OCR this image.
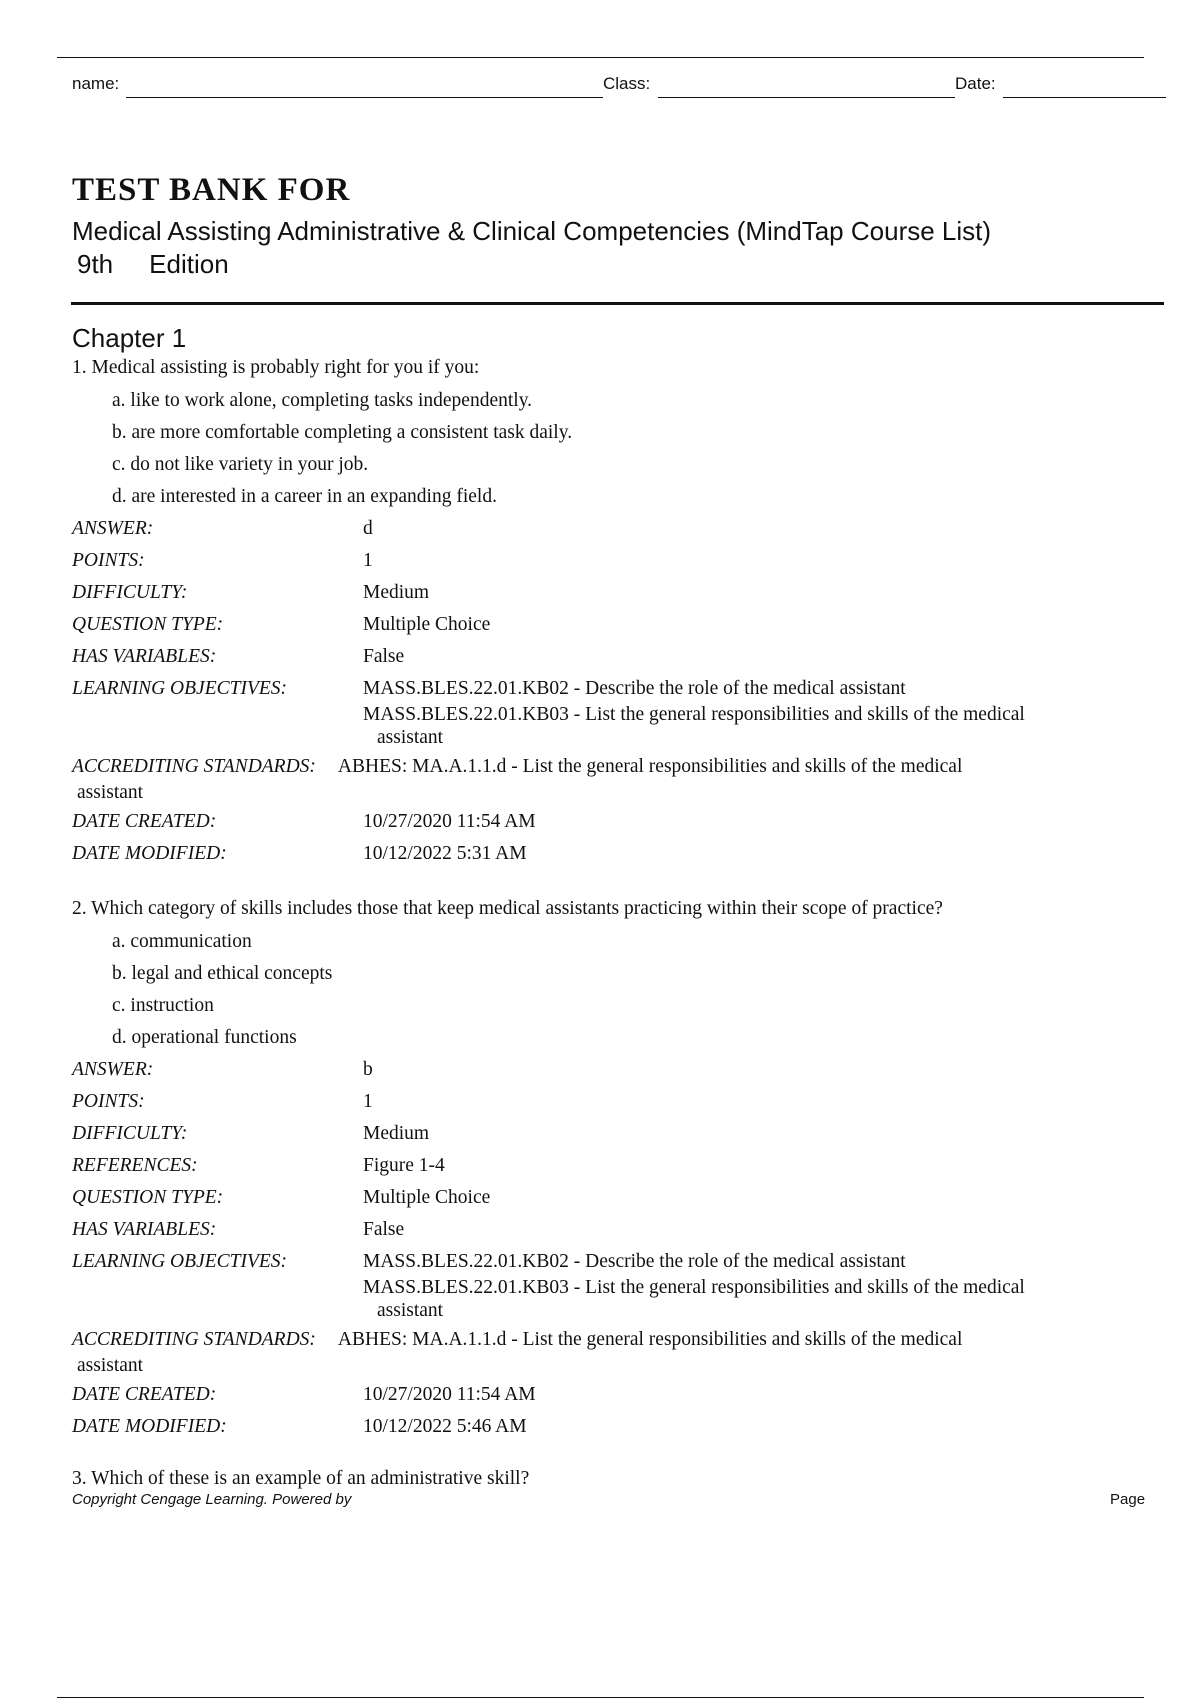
name:	Class:	Date:
TEST BANK FOR
Medical Assisting Administrative & Clinical Competencies (MindTap Course List)
9th Edition
Chapter 1
1. Medical assisting is probably right for you if you:
a. like to work alone, completing tasks independently.
b. are more comfortable completing a consistent task daily.
c. do not like variety in your job.
d. are interested in a career in an expanding field.
ANSWER:	d
POINTS:	1
DIFFICULTY:	Medium
QUESTION TYPE:	Multiple Choice
HAS VARIABLES:	False
LEARNING OBJECTIVES:	MASS.BLES.22.01.KB02 - Describe the role of the medical assistant
MASS.BLES.22.01.KB03 - List the general responsibilities and skills of the medical
assistant
ACCREDITING STANDARDS: ABHES: MA.A.1.1.d - List the general responsibilities and skills of the medical
assistant
DATE CREATED:	10/27/2020 11:54 AM
DATE MODIFIED:	10/12/2022 5:31 AM
2. Which category of skills includes those that keep medical assistants practicing within their scope of practice?
a. communication
b. legal and ethical concepts
c. instruction
d. operational functions
ANSWER:	b
POINTS:	1
DIFFICULTY:	Medium
REFERENCES:	Figure 1-4
QUESTION TYPE:	Multiple Choice
HAS VARIABLES:	False
LEARNING OBJECTIVES:	MASS.BLES.22.01.KB02 - Describe the role of the medical assistant
MASS.BLES.22.01.KB03 - List the general responsibilities and skills of the medical
assistant
ACCREDITING STANDARDS: ABHES: MA.A.1.1.d - List the general responsibilities and skills of the medical
assistant
DATE CREATED:	10/27/2020 11:54 AM
DATE MODIFIED:	10/12/2022 5:46 AM
3. Which of these is an example of an administrative skill?
Copyright Cengage Learning. Powered by	Page
